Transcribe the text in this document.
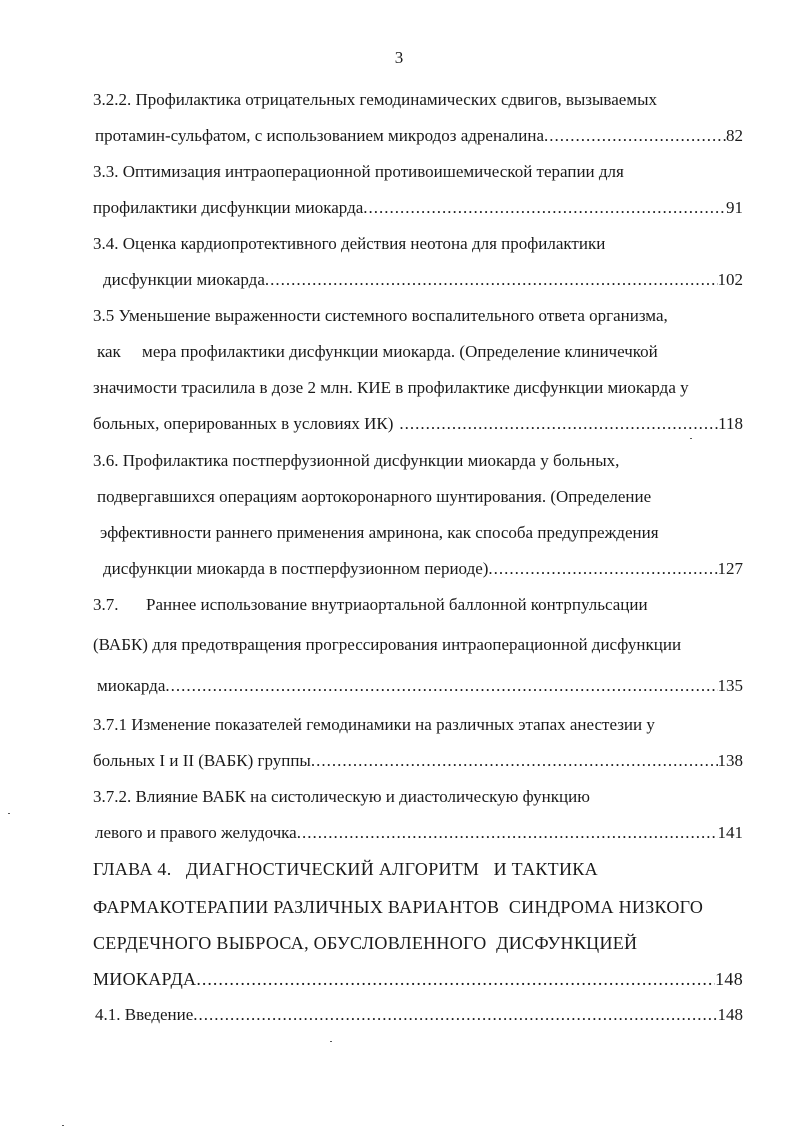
3
3.2.2. Профилактика отрицательных гемодинамических сдвигов, вызываемых
протамин-сульфатом, с использованием микродоз адреналина .....	82
3.3. Оптимизация интраоперационной противоишемической терапии для
профилактики дисфункции миокарда .....	91
3.4. Оценка кардиопротективного действия неотона для профилактики
дисфункции миокарда .....	102
3.5 Уменьшение выраженности системного воспалительного ответа организма,
как     мера профилактики дисфункции миокарда. (Определение клиничечкой
значимости трасилила в дозе 2 млн. КИЕ в профилактике дисфункции миокарда у
больных, оперированных в условиях ИК) .....	118
3.6. Профилактика постперфузионной дисфункции миокарда у больных,
подвергавшихся операциям аортокоронарного шунтирования. (Определение
эффективности раннего применения амринона, как способа предупреждения
дисфункции миокарда в постперфузионном периоде) .....	127
3.7. Раннее использование внутриаортальной баллонной контрпульсации
(ВАБК) для предотвращения прогрессирования интраоперационной дисфункции
миокарда .....	135
3.7.1 Изменение показателей гемодинамики на различных этапах анестезии у
больных I и II (ВАБК) группы .....	138
3.7.2. Влияние ВАБК на систолическую и диастолическую функцию
левого и правого желудочка .....	141
ГЛАВА 4.   ДИАГНОСТИЧЕСКИЙ АЛГОРИТМ   И ТАКТИКА
ФАРМАКОТЕРАПИИ РАЗЛИЧНЫХ ВАРИАНТОВ  СИНДРОМА НИЗКОГО
СЕРДЕЧНОГО ВЫБРОСА, ОБУСЛОВЛЕННОГО  ДИСФУНКЦИЕЙ
МИОКАРДА .....	148
4.1. Введение .....	148
